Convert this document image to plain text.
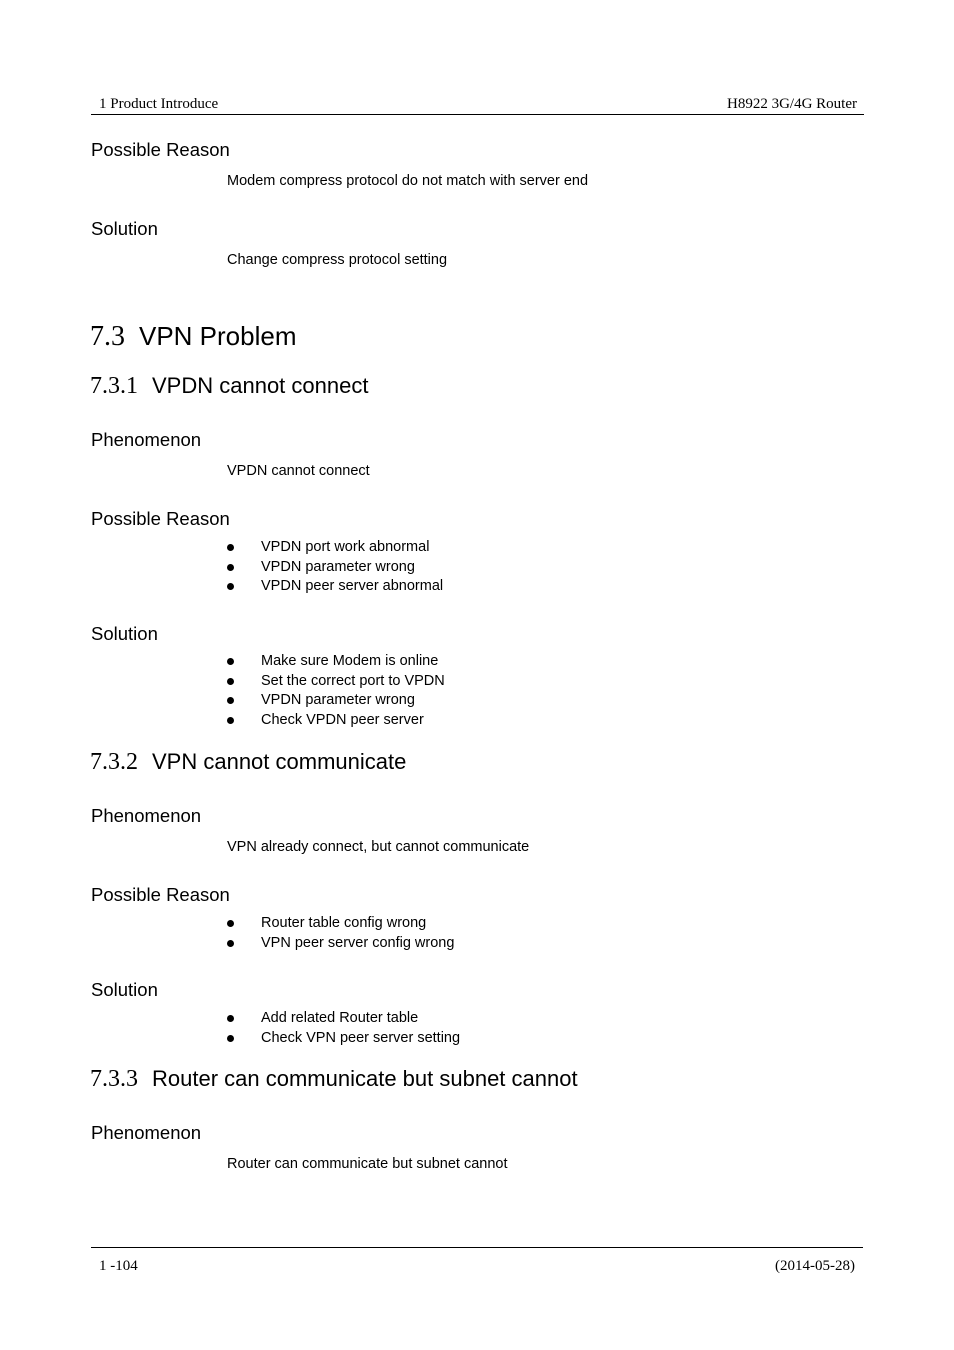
1 Product Introduce	H8922 3G/4G Router
Possible Reason
Modem compress protocol do not match with server end
Solution
Change compress protocol setting
7.3 VPN Problem
7.3.1 VPDN cannot connect
Phenomenon
VPDN cannot connect
Possible Reason
VPDN port work abnormal
VPDN parameter wrong
VPDN peer server abnormal
Solution
Make sure Modem is online
Set the correct port to VPDN
VPDN parameter wrong
Check VPDN peer server
7.3.2 VPN cannot communicate
Phenomenon
VPN already connect, but cannot communicate
Possible Reason
Router table config wrong
VPN peer server config wrong
Solution
Add related Router table
Check VPN peer server setting
7.3.3 Router can communicate but subnet cannot
Phenomenon
Router can communicate but subnet cannot
1 -104	(2014-05-28)
